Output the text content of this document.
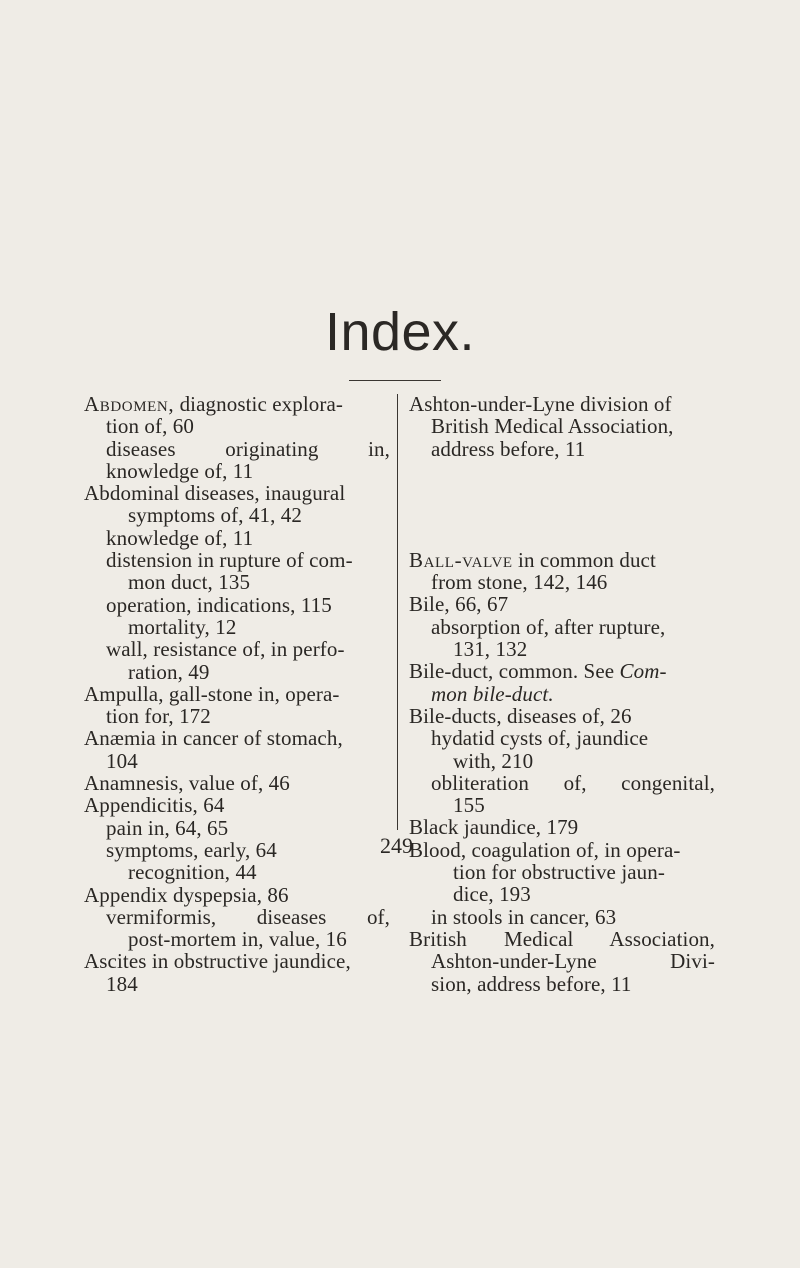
Index.
Abdomen, diagnostic explora-
tion of, 60
diseases originating in,
knowledge of, 11
Abdominal diseases, inaugural
symptoms of, 41, 42
knowledge of, 11
distension in rupture of com-
mon duct, 135
operation, indications, 115
mortality, 12
wall, resistance of, in perfo-
ration, 49
Ampulla, gall-stone in, opera-
tion for, 172
Anæmia in cancer of stomach,
104
Anamnesis, value of, 46
Appendicitis, 64
pain in, 64, 65
symptoms, early, 64
recognition, 44
Appendix dyspepsia, 86
vermiformis, diseases of,
post-mortem in, value, 16
Ascites in obstructive jaundice,
184
Ashton-under-Lyne division of
British Medical Association,
address before, 11
Ball-valve in common duct
from stone, 142, 146
Bile, 66, 67
absorption of, after rupture,
131, 132
Bile-duct, common. See Com-
mon bile-duct.
Bile-ducts, diseases of, 26
hydatid cysts of, jaundice
with, 210
obliteration of, congenital,
155
Black jaundice, 179
Blood, coagulation of, in opera-
tion for obstructive jaun-
dice, 193
in stools in cancer, 63
British Medical Association,
Ashton-under-Lyne Divi-
sion, address before, 11
249
